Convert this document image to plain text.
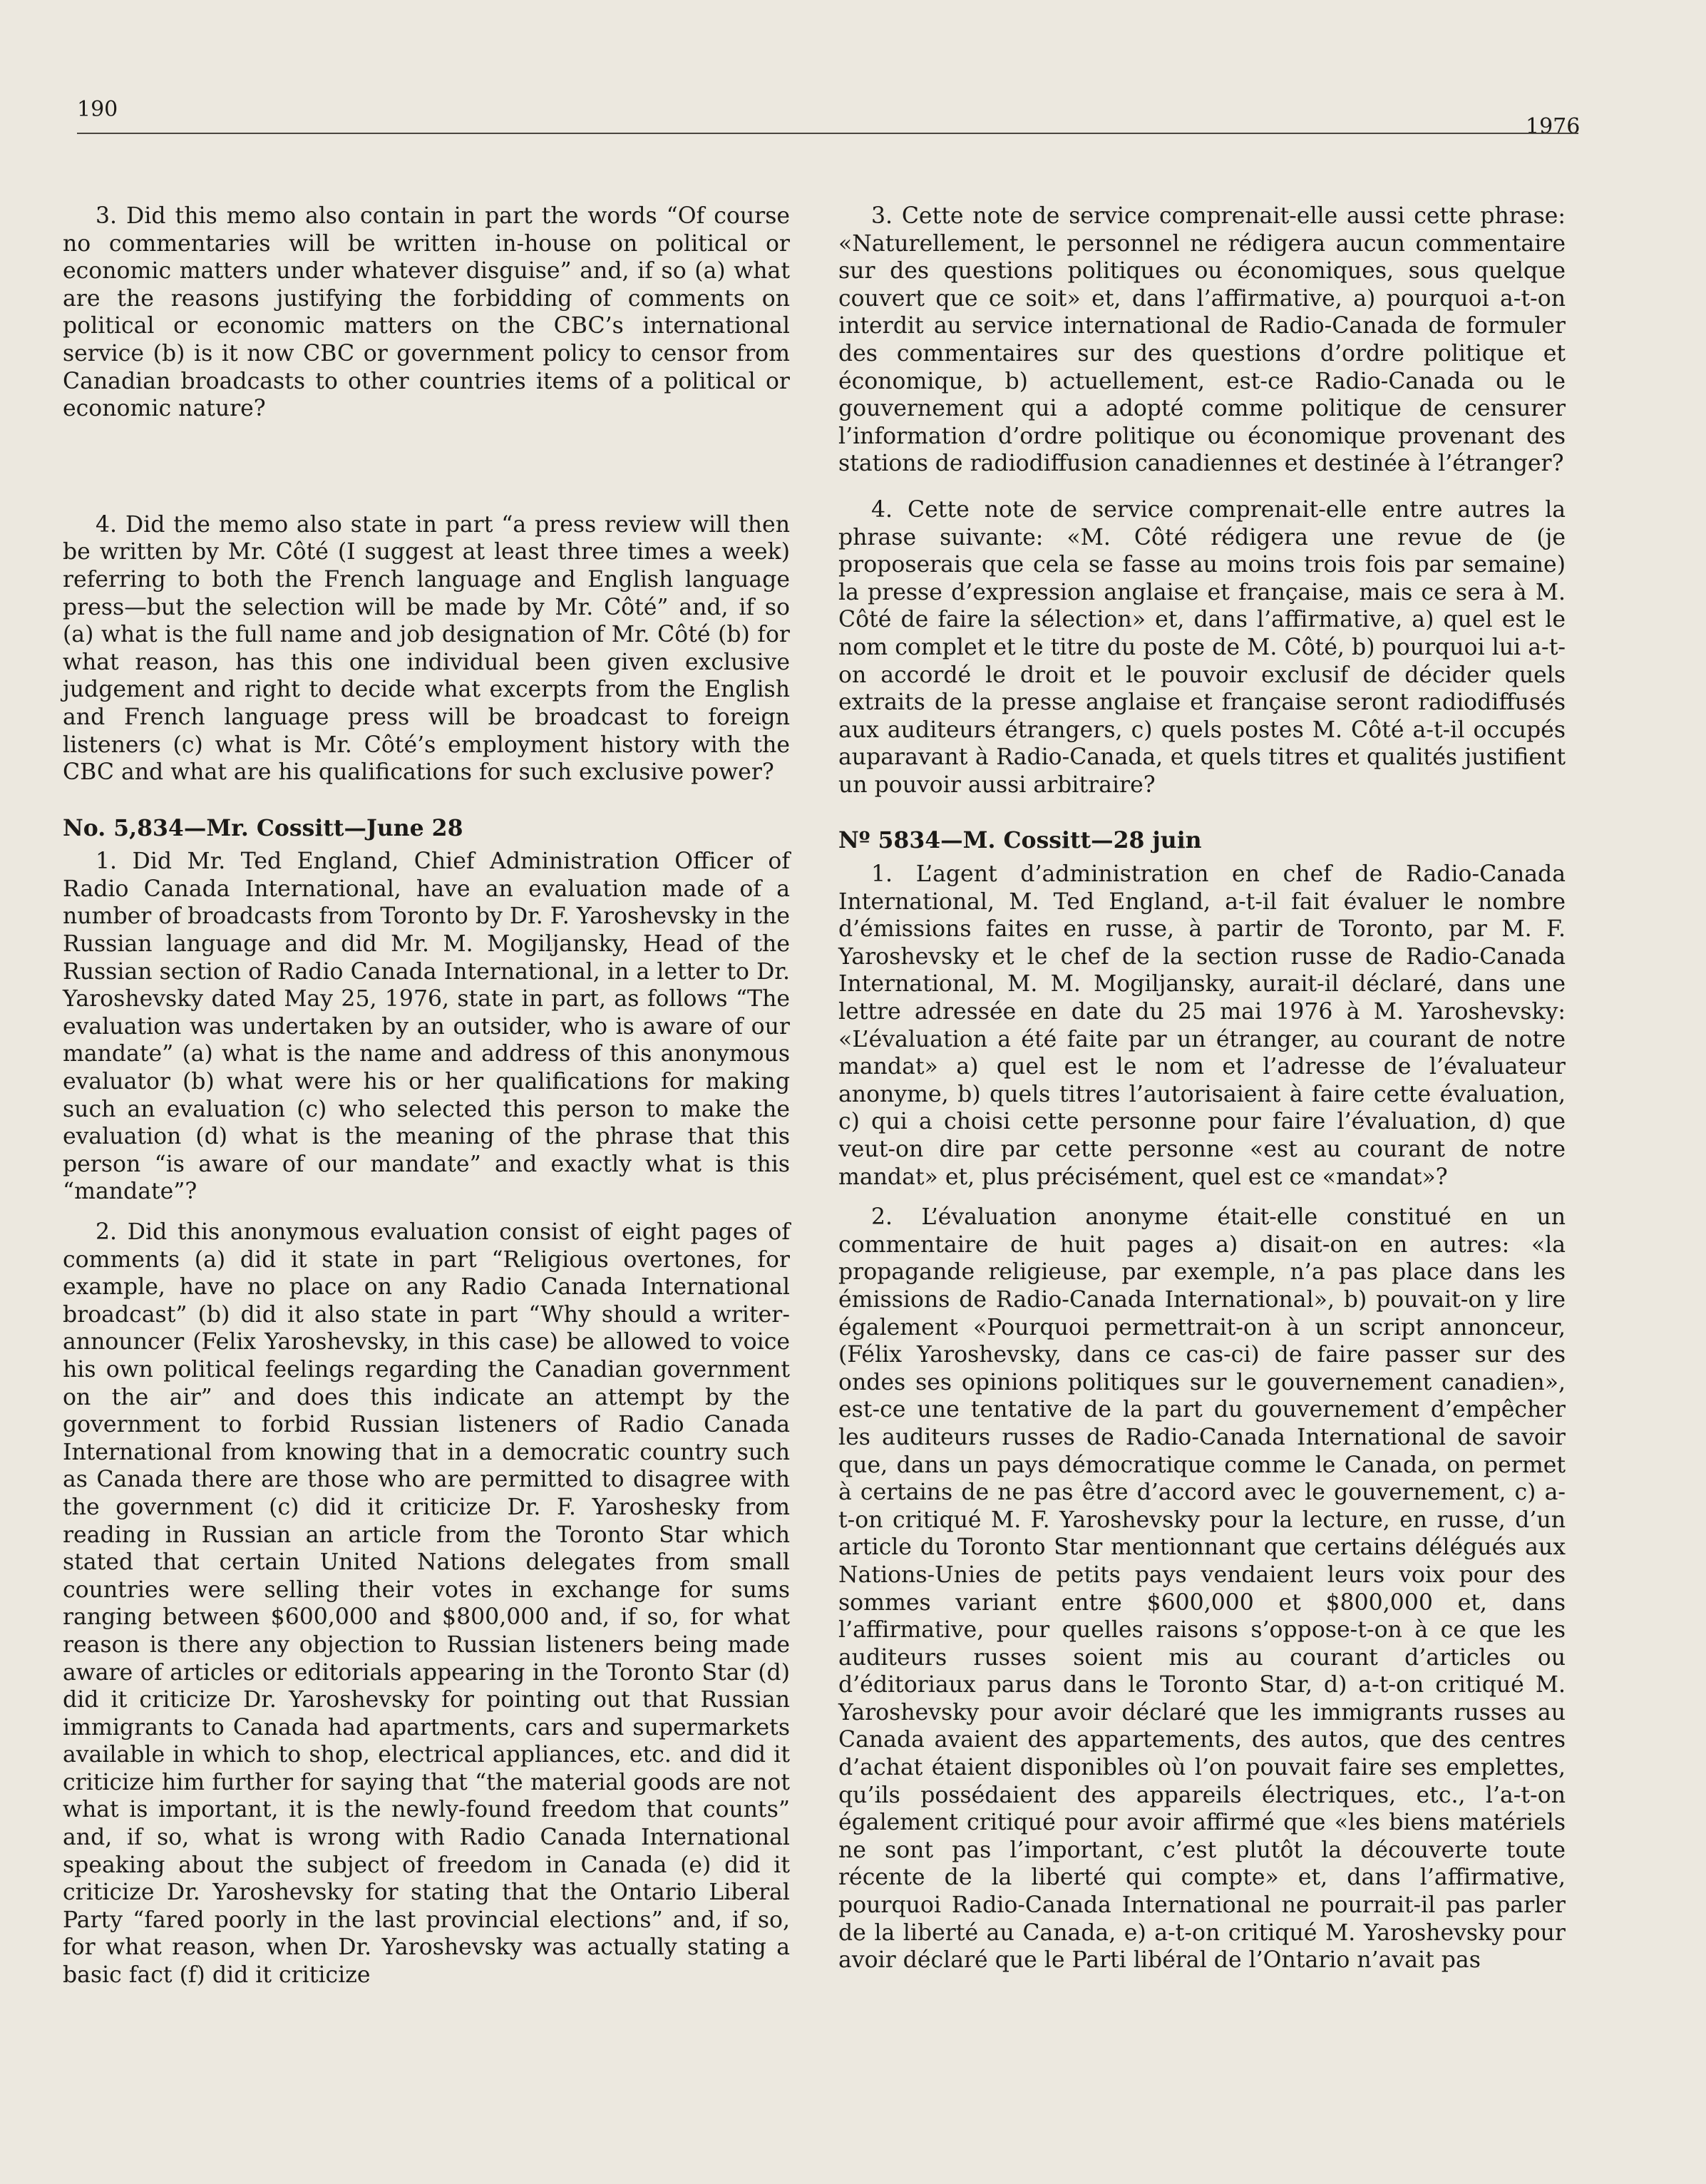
190
1976

3. Did this memo also contain in part the words “Of course no commentaries will be written in-house on political or economic matters under whatever disguise” and, if so (a) what are the reasons justifying the forbidding of comments on political or economic matters on the CBC’s international service (b) is it now CBC or government policy to censor from Canadian broadcasts to other countries items of a political or economic nature?

4. Did the memo also state in part “a press review will then be written by Mr. Côté (I suggest at least three times a week) referring to both the French language and English language press—but the selection will be made by Mr. Côté” and, if so (a) what is the full name and job designation of Mr. Côté (b) for what reason, has this one individual been given exclusive judgement and right to decide what excerpts from the English and French language press will be broadcast to foreign listeners (c) what is Mr. Côté’s employment history with the CBC and what are his qualifications for such exclusive power?

No. 5,834—Mr. Cossitt—June 28

1. Did Mr. Ted England, Chief Administration Officer of Radio Canada International, have an evaluation made of a number of broadcasts from Toronto by Dr. F. Yaroshevsky in the Russian language and did Mr. M. Mogiljansky, Head of the Russian section of Radio Canada International, in a letter to Dr. Yaroshevsky dated May 25, 1976, state in part, as follows “The evaluation was undertaken by an outsider, who is aware of our mandate” (a) what is the name and address of this anonymous evaluator (b) what were his or her qualifications for making such an evaluation (c) who selected this person to make the evaluation (d) what is the meaning of the phrase that this person “is aware of our mandate” and exactly what is this “mandate”?

2. Did this anonymous evaluation consist of eight pages of comments (a) did it state in part “Religious overtones, for example, have no place on any Radio Canada International broadcast” (b) did it also state in part “Why should a writer-announcer (Felix Yaroshevsky, in this case) be allowed to voice his own political feelings regarding the Canadian government on the air” and does this indicate an attempt by the government to forbid Russian listeners of Radio Canada International from knowing that in a democratic country such as Canada there are those who are permitted to disagree with the government (c) did it criticize Dr. F. Yaroshesky from reading in Russian an article from the Toronto Star which stated that certain United Nations delegates from small countries were selling their votes in exchange for sums ranging between $600,000 and $800,000 and, if so, for what reason is there any objection to Russian listeners being made aware of articles or editorials appearing in the Toronto Star (d) did it criticize Dr. Yaroshevsky for pointing out that Russian immigrants to Canada had apartments, cars and supermarkets available in which to shop, electrical appliances, etc. and did it criticize him further for saying that “the material goods are not what is important, it is the newly-found freedom that counts” and, if so, what is wrong with Radio Canada International speaking about the subject of freedom in Canada (e) did it criticize Dr. Yaroshevsky for stating that the Ontario Liberal Party “fared poorly in the last provincial elections” and, if so, for what reason, when Dr. Yaroshevsky was actually stating a basic fact (f) did it criticize

3. Cette note de service comprenait-elle aussi cette phrase: «Naturellement, le personnel ne rédigera aucun commentaire sur des questions politiques ou économiques, sous quelque couvert que ce soit» et, dans l’affirmative, a) pourquoi a-t-on interdit au service international de Radio-Canada de formuler des commentaires sur des questions d’ordre politique et économique, b) actuellement, est-ce Radio-Canada ou le gouvernement qui a adopté comme politique de censurer l’information d’ordre politique ou économique provenant des stations de radiodiffusion canadiennes et destinée à l’étranger?

4. Cette note de service comprenait-elle entre autres la phrase suivante: «M. Côté rédigera une revue de (je proposerais que cela se fasse au moins trois fois par semaine) la presse d’expression anglaise et française, mais ce sera à M. Côté de faire la sélection» et, dans l’affirmative, a) quel est le nom complet et le titre du poste de M. Côté, b) pourquoi lui a-t-on accordé le droit et le pouvoir exclusif de décider quels extraits de la presse anglaise et française seront radiodiffusés aux auditeurs étrangers, c) quels postes M. Côté a-t-il occupés auparavant à Radio-Canada, et quels titres et qualités justifient un pouvoir aussi arbitraire?

Nº 5834—M. Cossitt—28 juin

1. L’agent d’administration en chef de Radio-Canada International, M. Ted England, a-t-il fait évaluer le nombre d’émissions faites en russe, à partir de Toronto, par M. F. Yaroshevsky et le chef de la section russe de Radio-Canada International, M. M. Mogiljansky, aurait-il déclaré, dans une lettre adressée en date du 25 mai 1976 à M. Yaroshevsky: «L’évaluation a été faite par un étranger, au courant de notre mandat» a) quel est le nom et l’adresse de l’évaluateur anonyme, b) quels titres l’autorisaient à faire cette évaluation, c) qui a choisi cette personne pour faire l’évaluation, d) que veut-on dire par cette personne «est au courant de notre mandat» et, plus précisément, quel est ce «mandat»?

2. L’évaluation anonyme était-elle constitué en un commentaire de huit pages a) disait-on en autres: «la propagande religieuse, par exemple, n’a pas place dans les émissions de Radio-Canada International», b) pouvait-on y lire également «Pourquoi permettrait-on à un script annonceur, (Félix Yaroshevsky, dans ce cas-ci) de faire passer sur des ondes ses opinions politiques sur le gouvernement canadien», est-ce une tentative de la part du gouvernement d’empêcher les auditeurs russes de Radio-Canada International de savoir que, dans un pays démocratique comme le Canada, on permet à certains de ne pas être d’accord avec le gouvernement, c) a-t-on critiqué M. F. Yaroshevsky pour la lecture, en russe, d’un article du Toronto Star mentionnant que certains délégués aux Nations-Unies de petits pays vendaient leurs voix pour des sommes variant entre $600,000 et $800,000 et, dans l’affirmative, pour quelles raisons s’oppose-t-on à ce que les auditeurs russes soient mis au courant d’articles ou d’éditoriaux parus dans le Toronto Star, d) a-t-on critiqué M. Yaroshevsky pour avoir déclaré que les immigrants russes au Canada avaient des appartements, des autos, que des centres d’achat étaient disponibles où l’on pouvait faire ses emplettes, qu’ils possédaient des appareils électriques, etc., l’a-t-on également critiqué pour avoir affirmé que «les biens matériels ne sont pas l’important, c’est plutôt la découverte toute récente de la liberté qui compte» et, dans l’affirmative, pourquoi Radio-Canada International ne pourrait-il pas parler de la liberté au Canada, e) a-t-on critiqué M. Yaroshevsky pour avoir déclaré que le Parti libéral de l’Ontario n’avait pas
